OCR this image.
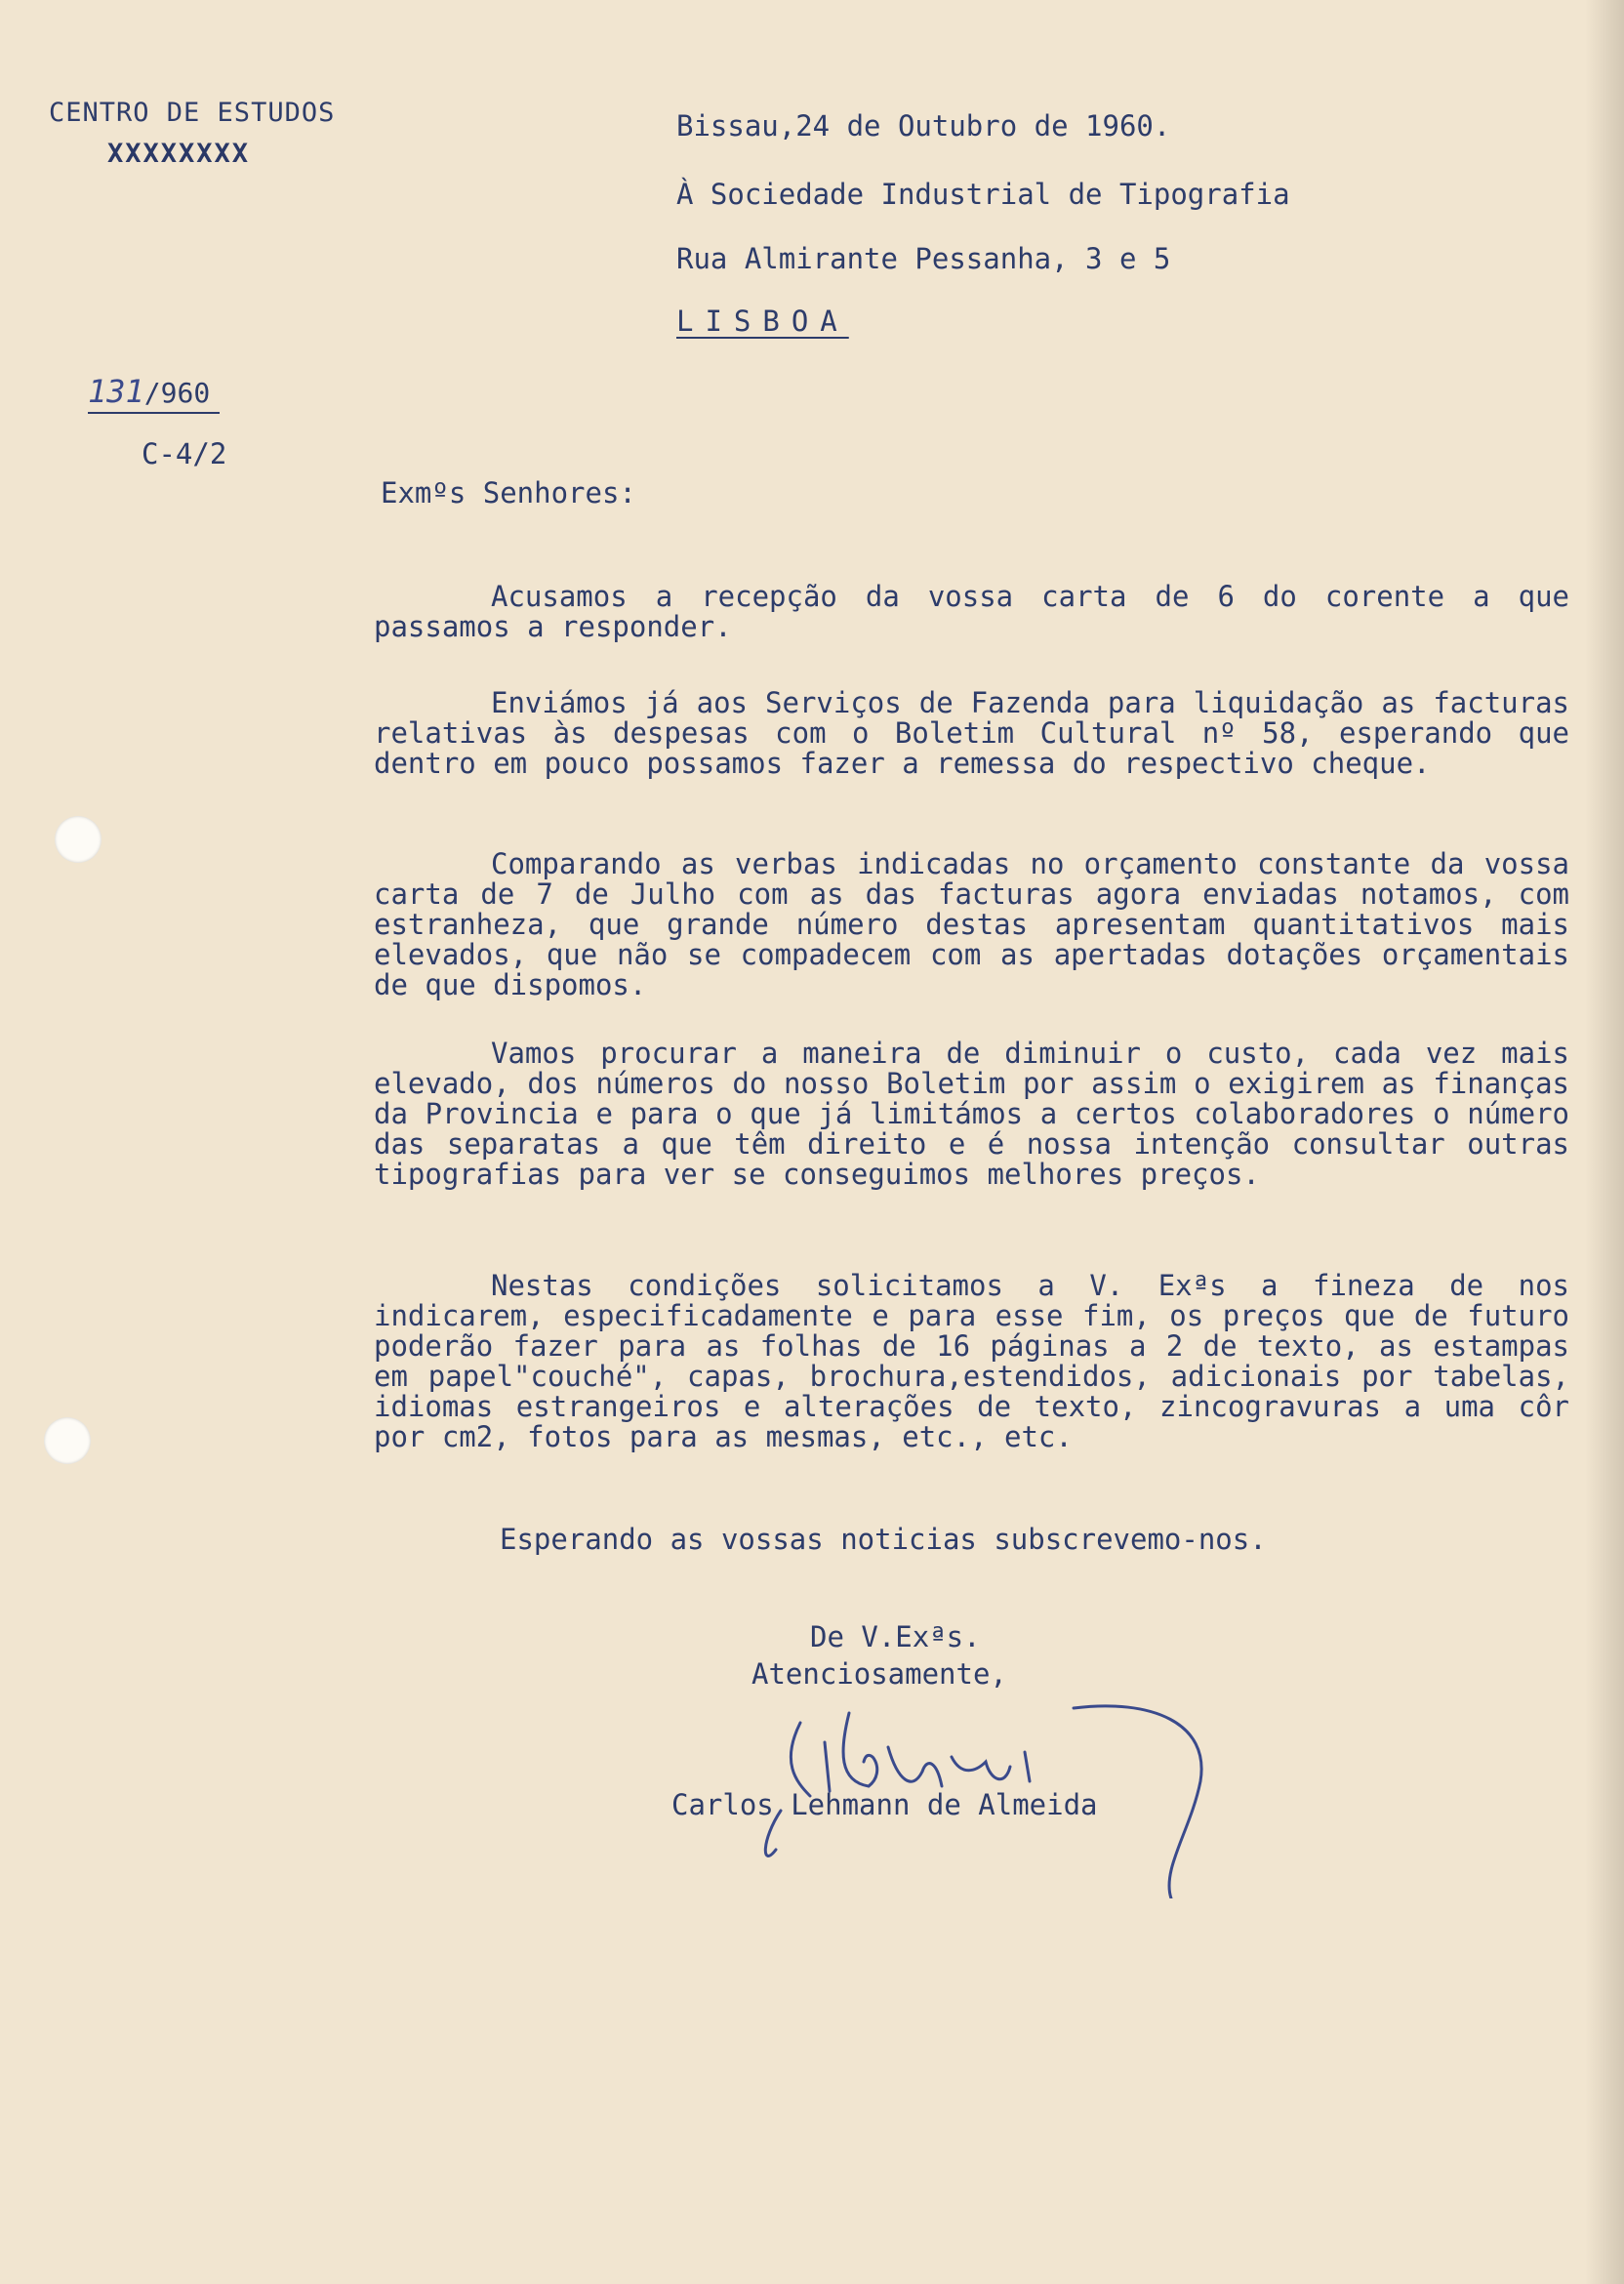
CENTRO DE ESTUDOS
XXXXXXXX
131/960
C-4/2
Bissau,24 de Outubro de 1960.
À Sociedade Industrial de Tipografia
Rua Almirante Pessanha, 3 e 5
LISBOA
Exmºs Senhores:
Acusamos a recepção da vossa carta de 6 do corente a que passamos a responder.
Enviámos já aos Serviços de Fazenda para liquidação as facturas relativas às despesas com o Boletim Cultural nº 58, esperando que dentro em pouco possamos fazer a remessa do respectivo cheque.
Comparando as verbas indicadas no orçamento constante da vossa carta de 7 de Julho com as das facturas agora enviadas notamos, com estranheza, que grande número destas apresentam quantitativos mais elevados, que não se compadecem com as apertadas dotações orçamentais de que dispomos.
Vamos procurar a maneira de diminuir o custo, cada vez mais elevado, dos números do nosso Boletim por assim o exigirem as finanças da Provincia e para o que já limitámos a certos colaboradores o número das separatas a que têm direito e é nossa intenção consultar outras tipografias para ver se conseguimos melhores preços.
Nestas condições solicitamos a V. Exªs a fineza de nos indicarem, especificadamente e para esse fim, os preços que de futuro poderão fazer para as folhas de 16 páginas a 2 de texto, as estampas em papel"couché", capas, brochura,estendidos, adicionais por tabelas, idiomas estrangeiros e alterações de texto, zincogravuras a uma côr por cm2, fotos para as mesmas, etc., etc.
Esperando as vossas noticias subscrevemo-nos.
De V.Exªs.
Atenciosamente,
Carlos Lehmann de Almeida
